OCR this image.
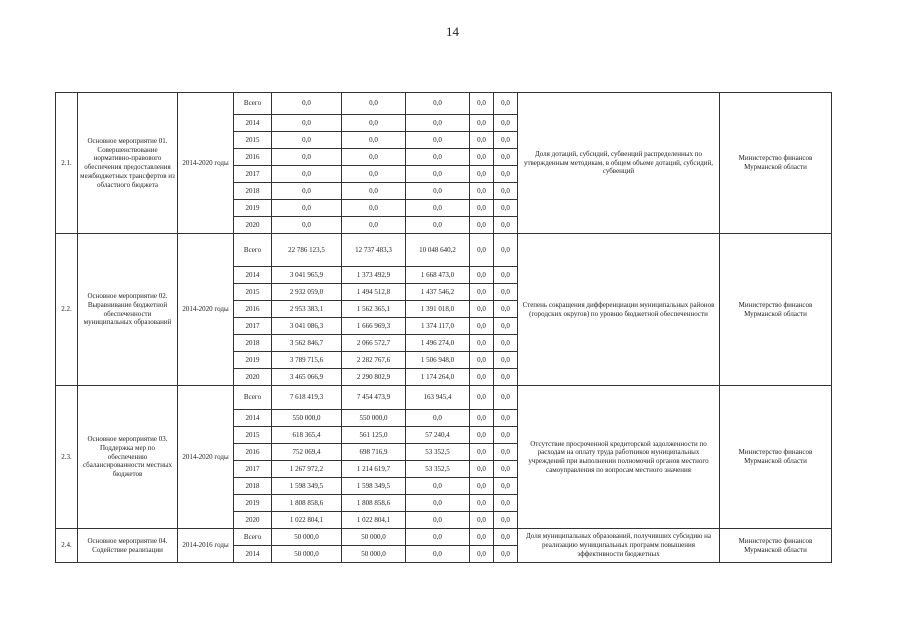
14
2.1.	Основное мероприятие 01. Совершенствование нормативно-правового обеспечения предоставления межбюджетных трансфертов из областного бюджета	2014-2020 годы	Всего	0,0	0,0	0,0	0,0	0,0	Доля дотаций, субсидий, субвенций распределенных по утвержденным методикам, в общем объеме дотаций, субсидий, субвенций	Министерство финансов Мурманской области
			2014	0,0	0,0	0,0	0,0	0,0		
			2015	0,0	0,0	0,0	0,0	0,0		
			2016	0,0	0,0	0,0	0,0	0,0		
			2017	0,0	0,0	0,0	0,0	0,0		
			2018	0,0	0,0	0,0	0,0	0,0		
			2019	0,0	0,0	0,0	0,0	0,0		
			2020	0,0	0,0	0,0	0,0	0,0		
2.2.	Основное мероприятие 02. Выравнивание бюджетной обеспеченности муниципальных образований	2014-2020 годы	Всего	22 786 123,5	12 737 483,3	10 048 640,2	0,0	0,0	Степень сокращения дифференциации муниципальных районов (городских округов) по уровню бюджетной обеспеченности	Министерство финансов Мурманской области
			2014	3 041 965,9	1 373 492,9	1 668 473,0	0,0	0,0		
			2015	2 932 059,0	1 494 512,8	1 437 546,2	0,0	0,0		
			2016	2 953 383,1	1 562 365,1	1 391 018,0	0,0	0,0		
			2017	3 041 086,3	1 666 969,3	1 374 117,0	0,0	0,0		
			2018	3 562 846,7	2 066 572,7	1 496 274,0	0,0	0,0		
			2019	3 789 715,6	2 282 767,6	1 506 948,0	0,0	0,0		
			2020	3 465 066,9	2 290 802,9	1 174 264,0	0,0	0,0		
2.3.	Основное мероприятие 03. Поддержка мер по обеспечению сбалансированности местных бюджетов	2014-2020 годы	Всего	7 618 419,3	7 454 473,9	163 945,4	0,0	0,0	Отсутствие просроченной кредиторской задолженности по расходам на оплату труда работников муниципальных учреждений при выполнении полномочий органов местного самоуправления по вопросам местного значения	Министерство финансов Мурманской области
			2014	550 000,0	550 000,0	0,0	0,0	0,0		
			2015	618 365,4	561 125,0	57 240,4	0,0	0,0		
			2016	752 069,4	698 716,9	53 352,5	0,0	0,0		
			2017	1 267 972,2	1 214 619,7	53 352,5	0,0	0,0		
			2018	1 598 349,5	1 598 349,5	0,0	0,0	0,0		
			2019	1 808 858,6	1 808 858,6	0,0	0,0	0,0		
			2020	1 022 804,1	1 022 804,1	0,0	0,0	0,0		
2.4.	Основное мероприятие 04. Содействие реализации	2014-2016 годы	Всего	50 000,0	50 000,0	0,0	0,0	0,0	Доля муниципальных образований, получивших субсидию на реализацию муниципальных программ повышения эффективности бюджетных	Министерство финансов Мурманской области
			2014	50 000,0	50 000,0	0,0	0,0	0,0		
